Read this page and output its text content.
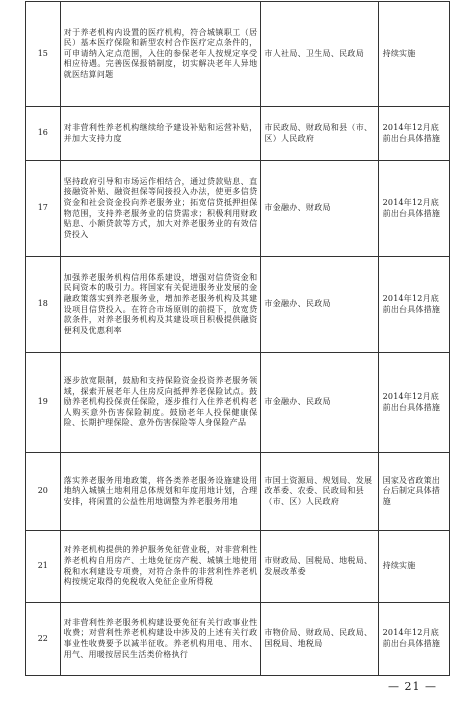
15	对于养老机构内设置的医疗机构，符合城镇职工（居民）基本医疗保险和新型农村合作医疗定点条件的，可申请纳入定点范围，入住的参保老年人按规定享受相应待遇。完善医保报销制度，切实解决老年人异地就医结算问题	市人社局、卫生局、民政局	持续实施
16	对非营利性养老机构继续给予建设补贴和运营补贴，并加大支持力度	市民政局、财政局和县（市、区）人民政府	2014年12月底前出台具体措施
17	坚持政府引导和市场运作相结合，通过贷款贴息、直接融资补贴、融资担保等间接投入办法，使更多信贷资金和社会资金投向养老服务业；拓宽信贷抵押担保物范围，支持养老服务业的信贷需求；积极利用财政贴息、小额贷款等方式，加大对养老服务业的有效信贷投入	市金融办、财政局	2014年12月底前出台具体措施
18	加强养老服务机构信用体系建设，增强对信贷资金和民间资本的吸引力。将国家有关促进服务业发展的金融政策落实到养老服务业，增加养老服务机构及其建设项目信贷投入。在符合市场原则的前提下，放宽贷款条件，对养老服务机构及其建设项目积极提供融资便利及优惠利率	市金融办、民政局	2014年12月底前出台具体措施
19	逐步放宽限制，鼓励和支持保险资金投资养老服务领域，探索开展老年人住房反向抵押养老保险试点。鼓励养老机构投保责任保险，逐步推行入住养老机构老人购买意外伤害保险制度。鼓励老年人投保健康保险、长期护理保险、意外伤害保险等人身保险产品	市金融办、民政局	2014年12月底前出台具体措施
20	落实养老服务用地政策，将各类养老服务设施建设用地纳入城镇土地利用总体规划和年度用地计划，合理安排，将闲置的公益性用地调整为养老服务用地	市国土资源局、规划局、发展改革委、农委、民政局和县（市、区）人民政府	国家及省政策出台后制定具体措施
21	对养老机构提供的养护服务免征营业税，对非营利性养老机构自用房产、土地免征房产税、城镇土地使用税和水利建设专项费，对符合条件的非营利性养老机构按规定取得的免税收入免征企业所得税	市财政局、国税局、地税局、发展改革委	持续实施
22	对非营利性养老服务机构建设要免征有关行政事业性收费；对营利性养老机构建设中涉及的上述有关行政事业性收费要予以减半征收。养老机构用电、用水、用气、用暖按居民生活类价格执行	市物价局、财政局、民政局、国税局、地税局	2014年12月底前出台具体措施
— 21 —
